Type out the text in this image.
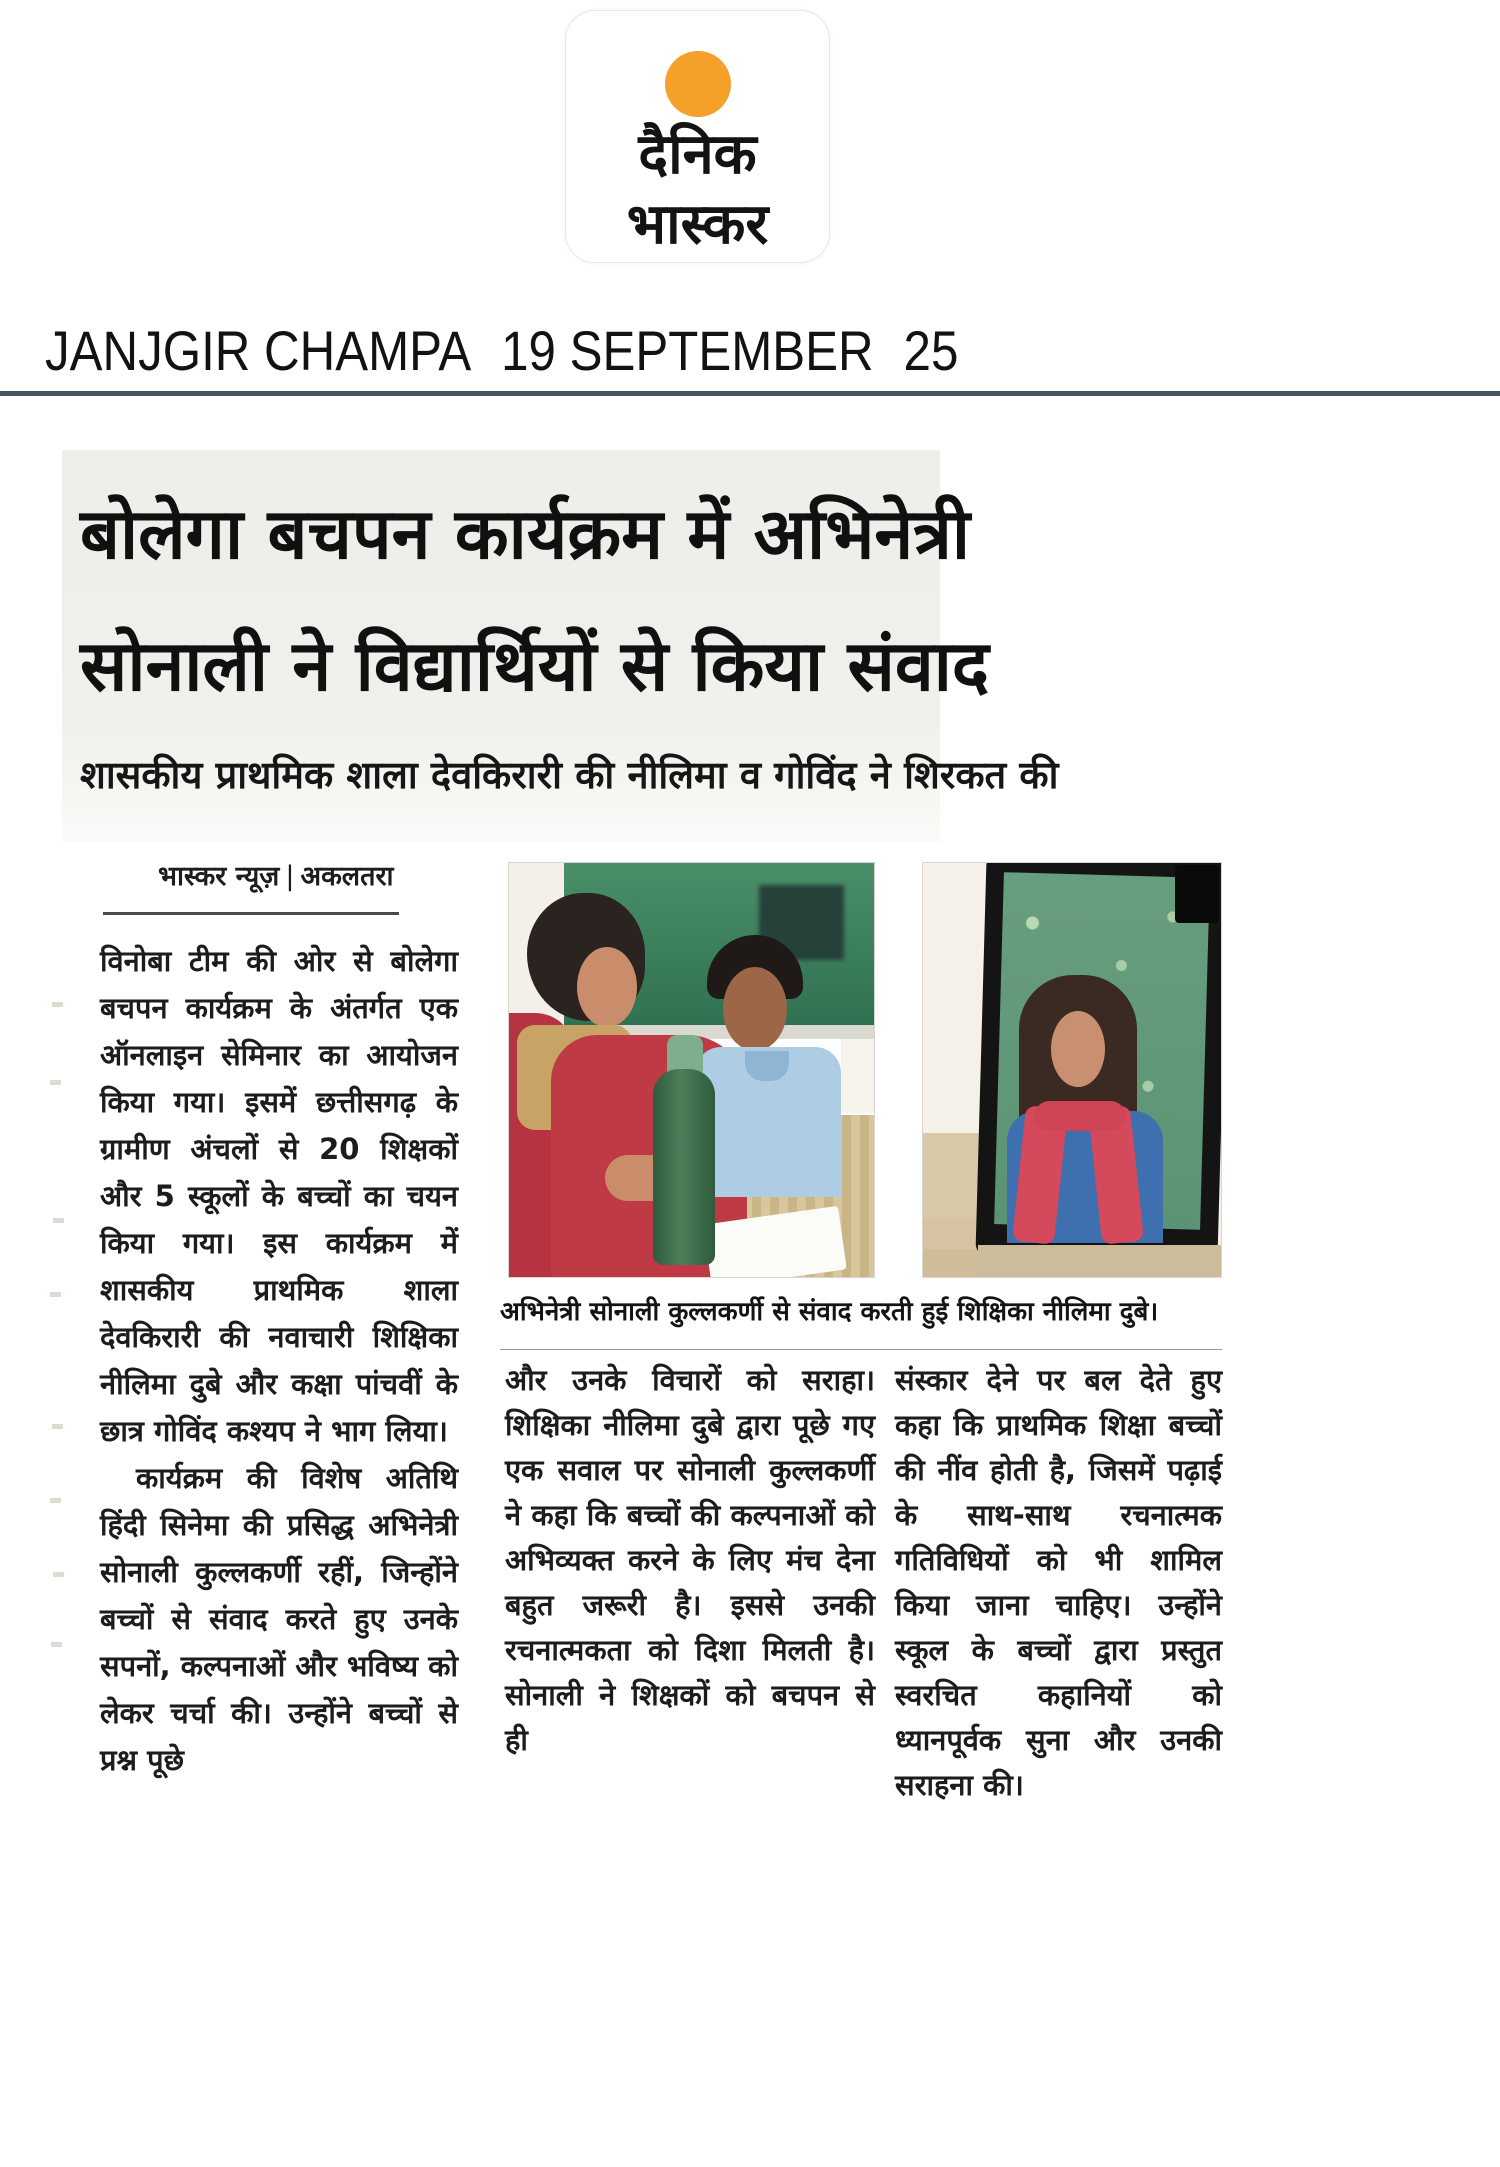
दैनिक
भास्कर
JANJGIR CHAMPA 19 SEPTEMBER 25
बोलेगा बचपन कार्यक्रम में अभिनेत्री
सोनाली ने विद्यार्थियों से किया संवाद
शासकीय प्राथमिक शाला देवकिरारी की नीलिमा व गोविंद ने शिरकत की
भास्कर न्यूज़ | अकलतरा

विनोबा टीम की ओर से बोलेगा बचपन कार्यक्रम के अंतर्गत एक ऑनलाइन सेमिनार का आयोजन किया गया। इसमें छत्तीसगढ़ के ग्रामीण अंचलों से 20 शिक्षकों और 5 स्कूलों के बच्चों का चयन किया गया। इस कार्यक्रम में शासकीय प्राथमिक शाला देवकिरारी की नवाचारी शिक्षिका नीलिमा दुबे और कक्षा पांचवीं के छात्र गोविंद कश्यप ने भाग लिया।

कार्यक्रम की विशेष अतिथि हिंदी सिनेमा की प्रसिद्ध अभिनेत्री सोनाली कुल्लकर्णी रहीं, जिन्होंने बच्चों से संवाद करते हुए उनके सपनों, कल्पनाओं और भविष्य को लेकर चर्चा की। उन्होंने बच्चों से प्रश्न पूछे

अभिनेत्री सोनाली कुल्लकर्णी से संवाद करती हुई शिक्षिका नीलिमा दुबे।

और उनके विचारों को सराहा। शिक्षिका नीलिमा दुबे द्वारा पूछे गए एक सवाल पर सोनाली कुल्लकर्णी ने कहा कि बच्चों की कल्पनाओं को अभिव्यक्त करने के लिए मंच देना बहुत जरूरी है। इससे उनकी रचनात्मकता को दिशा मिलती है। सोनाली ने शिक्षकों को बचपन से ही

संस्कार देने पर बल देते हुए कहा कि प्राथमिक शिक्षा बच्चों की नींव होती है, जिसमें पढ़ाई के साथ-साथ रचनात्मक गतिविधियों को भी शामिल किया जाना चाहिए। उन्होंने स्कूल के बच्चों द्वारा प्रस्तुत स्वरचित कहानियों को ध्यानपूर्वक सुना और उनकी सराहना की।
